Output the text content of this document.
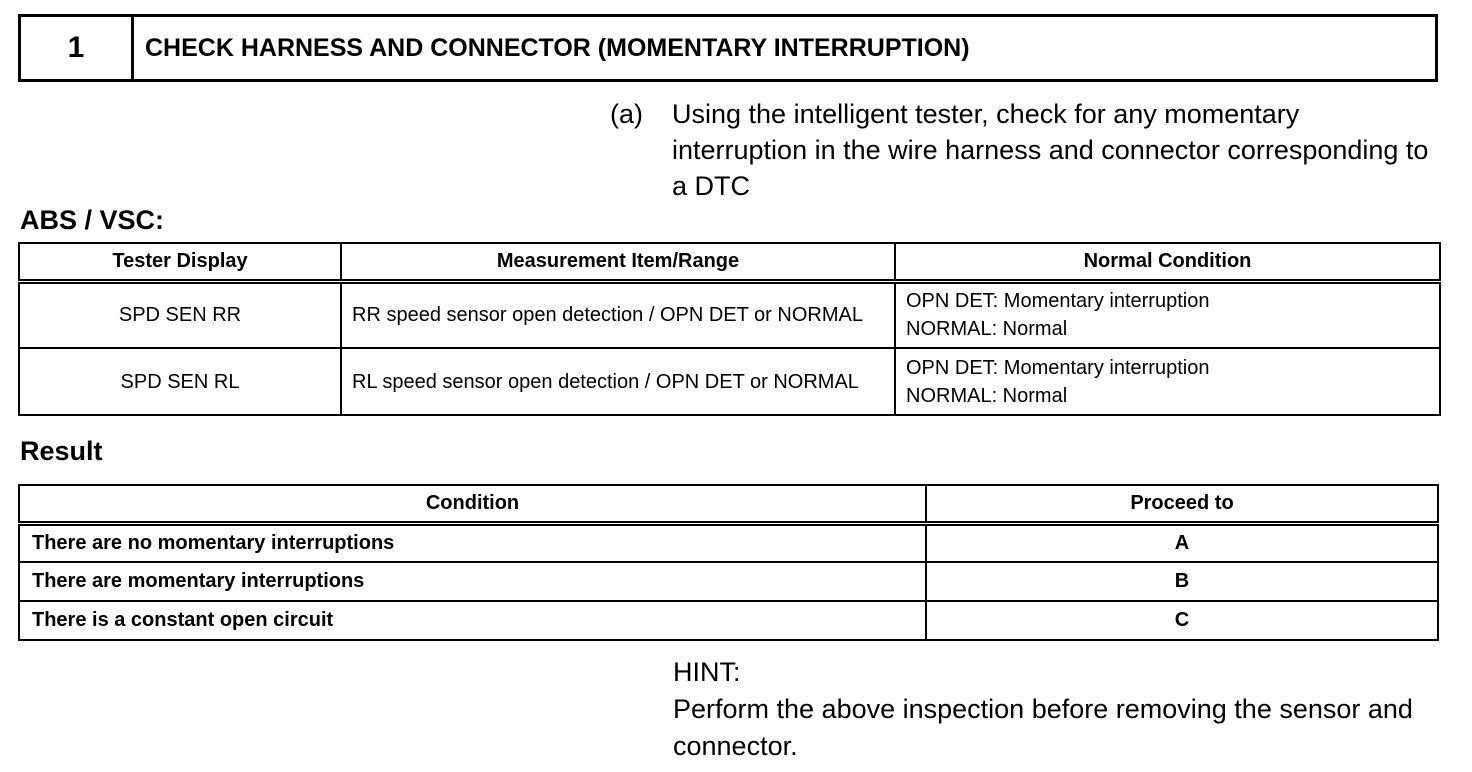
1	CHECK HARNESS AND CONNECTOR (MOMENTARY INTERRUPTION)
(a)	Using the intelligent tester, check for any momentary interruption in the wire harness and connector corresponding to a DTC
ABS / VSC:
Tester Display	Measurement Item/Range	Normal Condition
SPD SEN RR	RR speed sensor open detection / OPN DET or NORMAL	OPN DET: Momentary interruption
NORMAL: Normal

SPD SEN RL	RL speed sensor open detection / OPN DET or NORMAL	OPN DET: Momentary interruption
NORMAL: Normal
Result
Condition	Proceed to
There are no momentary interruptions	A
There are momentary interruptions	B
There is a constant open circuit	C
HINT:
Perform the above inspection before removing the sensor and connector.
